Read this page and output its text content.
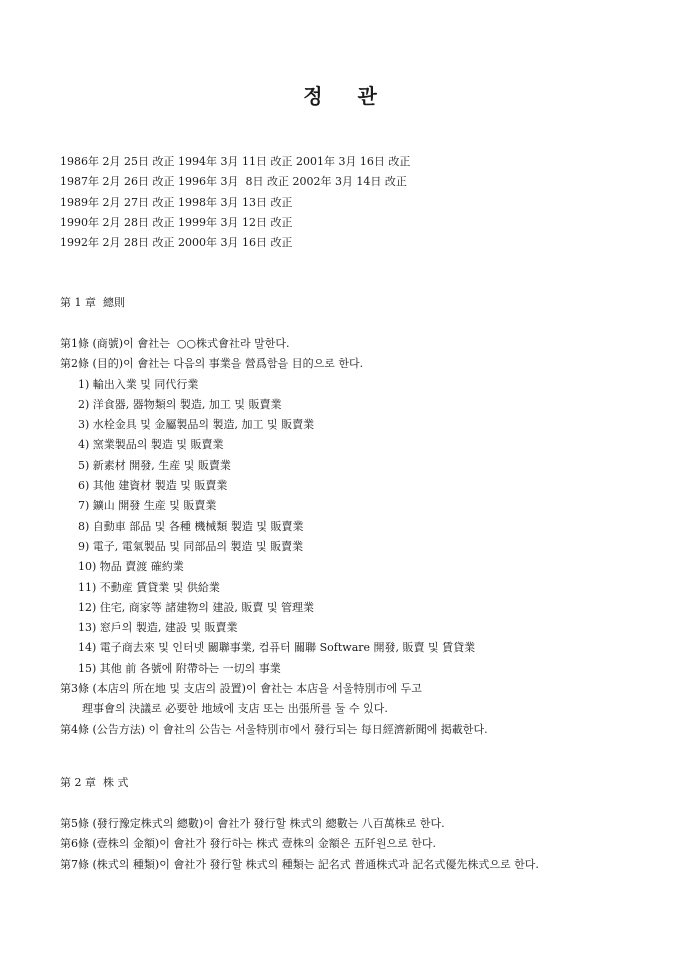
정 관

1986年 2月 25日 改正 1994年 3月 11日 改正 2001年 3月 16日 改正

1987年 2月 26日 改正 1996年 3月  8日 改正 2002年 3月 14日 改正

1989年 2月 27日 改正 1998年 3月 13日 改正

1990年 2月 28日 改正 1999年 3月 12日 改正

1992年 2月 28日 改正 2000年 3月 16日 改正

第 1 章  總則

第1條 (商號)이 會社는  ○○株式會社라 말한다.

第2條 (目的)이 會社는 다음의 事業을 營爲함을 目的으로 한다.

1) 輸出入業 및 同代行業

2) 洋食器, 器物類의 製造, 加工 및 販賣業

3) 水栓金具 및 金屬製品의 製造, 加工 및 販賣業

4) 窯業製品의 製造 및 販賣業

5) 新素材 開發, 生産 및 販賣業

6) 其他 建資材 製造 및 販賣業

7) 鑛山 開發 生産 및 販賣業

8) 自動車 部品 및 各種 機械類 製造 및 販賣業

9) 電子, 電氣製品 및 同部品의 製造 및 販賣業

10) 物品 賣渡 確約業

11) 不動産 賃貸業 및 供給業

12) 住宅, 商家等 諸建物의 建設, 販賣 및 管理業

13) 窓戶의 製造, 建設 및 販賣業

14) 電子商去來 및 인터넷 關聯事業, 컴퓨터 關聯 Software 開發, 販賣 및 賃貸業

15) 其他 前 各號에 附帶하는 一切의 事業

第3條 (本店의 所在地 및 支店의 設置)이 會社는 本店을 서울特別市에 두고

理事會의 決議로 必要한 地域에 支店 또는 出張所를 둘 수 있다.

第4條 (公告方法) 이 會社의 公告는 서울特別市에서 發行되는 每日經濟新聞에 掲載한다.

第 2 章  株 式

第5條 (發行豫定株式의 總數)이 會社가 發行할 株式의 總數는 八百萬株로 한다.

第6條 (壹株의 金額)이 會社가 發行하는 株式 壹株의 金額은 五阡원으로 한다.

第7條 (株式의 種類)이 會社가 發行할 株式의 種類는 記名式 普通株式과 記名式優先株式으로 한다.
